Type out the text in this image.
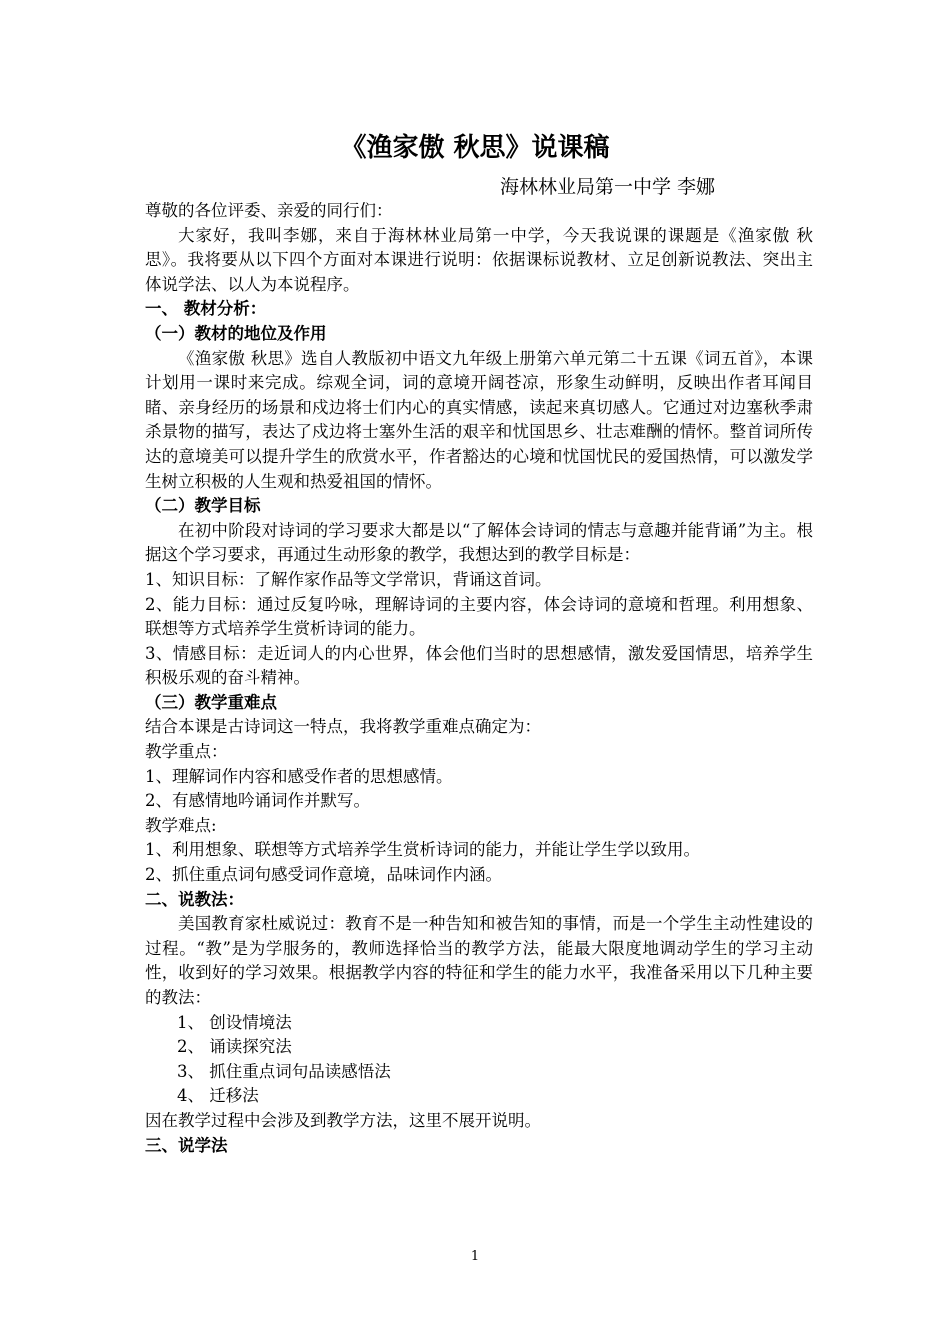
《渔家傲 秋思》说课稿
海林林业局第一中学 李娜

尊敬的各位评委、亲爱的同行们：

大家好，我叫李娜，来自于海林林业局第一中学，今天我说课的课题是《渔家傲 秋思》。我将要从以下四个方面对本课进行说明：依据课标说教材、立足创新说教法、突出主体说学法、以人为本说程序。

一、 教材分析：

（一）教材的地位及作用

《渔家傲 秋思》选自人教版初中语文九年级上册第六单元第二十五课《词五首》，本课计划用一课时来完成。综观全词，词的意境开阔苍凉，形象生动鲜明，反映出作者耳闻目睹、亲身经历的场景和戍边将士们内心的真实情感，读起来真切感人。它通过对边塞秋季肃杀景物的描写，表达了戍边将士塞外生活的艰辛和忧国思乡、壮志难酬的情怀。整首词所传达的意境美可以提升学生的欣赏水平，作者豁达的心境和忧国忧民的爱国热情，可以激发学生树立积极的人生观和热爱祖国的情怀。

（二）教学目标

在初中阶段对诗词的学习要求大都是以“了解体会诗词的情志与意趣并能背诵”为主。根据这个学习要求，再通过生动形象的教学，我想达到的教学目标是：

1、知识目标：了解作家作品等文学常识，背诵这首词。

2、能力目标：通过反复吟咏，理解诗词的主要内容，体会诗词的意境和哲理。利用想象、联想等方式培养学生赏析诗词的能力。

3、情感目标：走近词人的内心世界，体会他们当时的思想感情，激发爱国情思，培养学生积极乐观的奋斗精神。

（三）教学重难点

结合本课是古诗词这一特点，我将教学重难点确定为：

教学重点：

1、理解词作内容和感受作者的思想感情。

2、有感情地吟诵词作并默写。

教学难点:

1、利用想象、联想等方式培养学生赏析诗词的能力，并能让学生学以致用。

2、抓住重点词句感受词作意境，品味词作内涵。

二、说教法：

美国教育家杜威说过：教育不是一种告知和被告知的事情，而是一个学生主动性建设的过程。“教”是为学服务的，教师选择恰当的教学方法，能最大限度地调动学生的学习主动性，收到好的学习效果。根据教学内容的特征和学生的能力水平，我准备采用以下几种主要的教法：

1、 创设情境法

2、 诵读探究法

3、 抓住重点词句品读感悟法

4、 迁移法

因在教学过程中会涉及到教学方法，这里不展开说明。

三、说学法

1
